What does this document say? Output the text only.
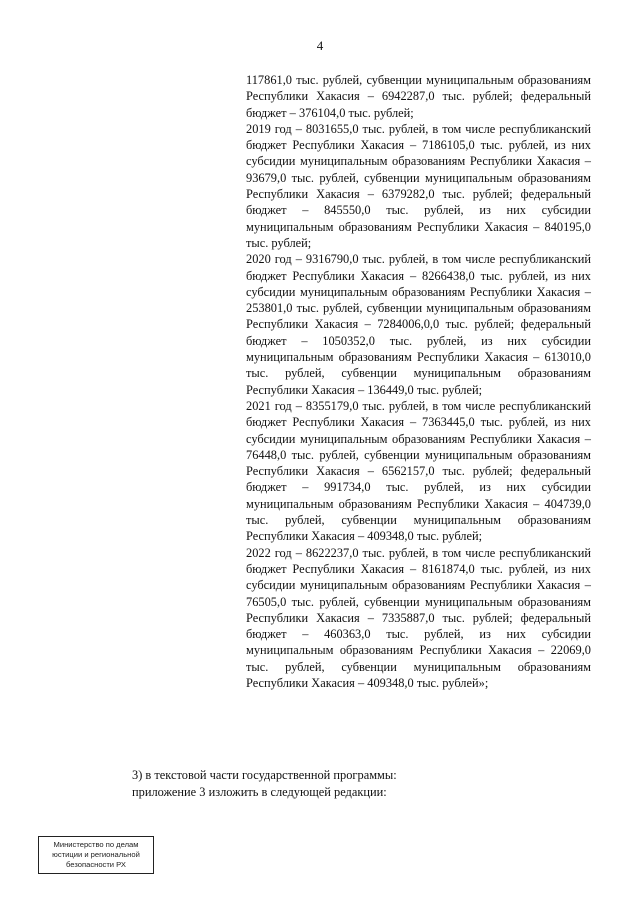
4

117861,0 тыс. рублей, субвенции муниципальным образованиям Республики Хакасия – 6942287,0 тыс. рублей; федеральный бюджет – 376104,0 тыс. рублей;

2019 год – 8031655,0 тыс. рублей, в том числе республиканский бюджет Республики Хакасия – 7186105,0 тыс. рублей, из них субсидии муниципальным образованиям Республики Хакасия – 93679,0 тыс. рублей, субвенции муниципальным образованиям Республики Хакасия – 6379282,0 тыс. рублей; федеральный бюджет – 845550,0 тыс. рублей, из них субсидии муниципальным образованиям Республики Хакасия – 840195,0 тыс. рублей;

2020 год – 9316790,0 тыс. рублей, в том числе республиканский бюджет Республики Хакасия – 8266438,0 тыс. рублей, из них субсидии муниципальным образованиям Республики Хакасия – 253801,0 тыс. рублей, субвенции муниципальным образованиям Республики Хакасия – 7284006,0,0 тыс. рублей; федеральный бюджет – 1050352,0 тыс. рублей, из них субсидии муниципальным образованиям Республики Хакасия – 613010,0 тыс. рублей, субвенции муниципальным образованиям Республики Хакасия – 136449,0 тыс. рублей;

2021 год – 8355179,0 тыс. рублей, в том числе республиканский бюджет Республики Хакасия – 7363445,0 тыс. рублей, из них субсидии муниципальным образованиям Республики Хакасия – 76448,0 тыс. рублей, субвенции муниципальным образованиям Республики Хакасия – 6562157,0 тыс. рублей; федеральный бюджет – 991734,0 тыс. рублей, из них субсидии муниципальным образованиям Республики Хакасия – 404739,0 тыс. рублей, субвенции муниципальным образованиям Республики Хакасия – 409348,0 тыс. рублей;

2022 год – 8622237,0 тыс. рублей, в том числе республиканский бюджет Республики Хакасия – 8161874,0 тыс. рублей, из них субсидии муниципальным образованиям Республики Хакасия – 76505,0 тыс. рублей, субвенции муниципальным образованиям Республики Хакасия – 7335887,0 тыс. рублей; федеральный бюджет – 460363,0 тыс. рублей, из них субсидии муниципальным образованиям Республики Хакасия – 22069,0 тыс. рублей, субвенции муниципальным образованиям Республики Хакасия – 409348,0 тыс. рублей»;

3) в текстовой части государственной программы:

приложение 3 изложить в следующей редакции:

Министерство по делам
юстиции и региональной
безопасности РХ
